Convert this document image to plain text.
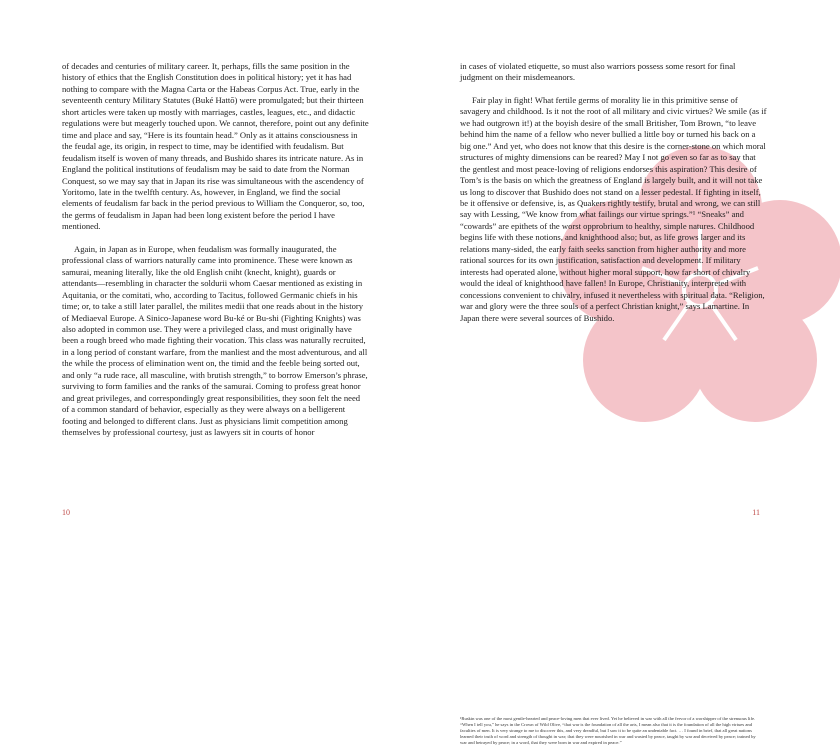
of decades and centuries of military career. It, perhaps, fills the same position in the history of ethics that the English Constitution does in political history; yet it has had nothing to compare with the Magna Carta or the Habeas Corpus Act. True, early in the seventeenth century Military Statutes (Buké Hattō) were promulgated; but their thirteen short articles were taken up mostly with marriages, castles, leagues, etc., and didactic regulations were but meagerly touched upon. We cannot, therefore, point out any definite time and place and say, “Here is its fountain head.” Only as it attains consciousness in the feudal age, its origin, in respect to time, may be identified with feudalism. But feudalism itself is woven of many threads, and Bushido shares its intricate nature. As in England the political institutions of feudalism may be said to date from the Norman Conquest, so we may say that in Japan its rise was simultaneous with the ascendency of Yoritomo, late in the twelfth century. As, however, in England, we find the social elements of feudalism far back in the period previous to William the Conqueror, so, too, the germs of feudalism in Japan had been long existent before the period I have mentioned.

Again, in Japan as in Europe, when feudalism was formally inaugurated, the professional class of warriors naturally came into prominence. These were known as samurai, meaning literally, like the old English cniht (knecht, knight), guards or attendants—resembling in character the soldurii whom Caesar mentioned as existing in Aquitania, or the comitati, who, according to Tacitus, followed Germanic chiefs in his time; or, to take a still later parallel, the milites medii that one reads about in the history of Mediaeval Europe. A Sinico-Japanese word Bu-ké or Bu-shi (Fighting Knights) was also adopted in common use. They were a privileged class, and must originally have been a rough breed who made fighting their vocation. This class was naturally recruited, in a long period of constant warfare, from the manliest and the most adventurous, and all the while the process of elimination went on, the timid and the feeble being sorted out, and only “a rude race, all masculine, with brutish strength,” to borrow Emerson’s phrase, surviving to form families and the ranks of the samurai. Coming to profess great honor and great privileges, and correspondingly great responsibilities, they soon felt the need of a common standard of behavior, especially as they were always on a belligerent footing and belonged to different clans. Just as physicians limit competition among themselves by professional courtesy, just as lawyers sit in courts of honor

10

in cases of violated etiquette, so must also warriors possess some resort for final judgment on their misdemeanors.

Fair play in fight! What fertile germs of morality lie in this primitive sense of savagery and childhood. Is it not the root of all military and civic virtues? We smile (as if we had outgrown it!) at the boyish desire of the small Britisher, Tom Brown, “to leave behind him the name of a fellow who never bullied a little boy or turned his back on a big one.” And yet, who does not know that this desire is the corner-stone on which moral structures of mighty dimensions can be reared? May I not go even so far as to say that the gentlest and most peace-loving of religions endorses this aspiration? This desire of Tom’s is the basis on which the greatness of England is largely built, and it will not take us long to discover that Bushido does not stand on a lesser pedestal. If fighting in itself, be it offensive or defensive, is, as Quakers rightly testify, brutal and wrong, we can still say with Lessing, “We know from what failings our virtue springs.”¹ “Sneaks” and “cowards” are epithets of the worst opprobrium to healthy, simple natures. Childhood begins life with these notions, and knighthood also; but, as life grows larger and its relations many-sided, the early faith seeks sanction from higher authority and more rational sources for its own justification, satisfaction and development. If military interests had operated alone, without higher moral support, how far short of chivalry would the ideal of knighthood have fallen! In Europe, Christianity, interpreted with concessions convenient to chivalry, infused it nevertheless with spiritual data. “Religion, war and glory were the three souls of a perfect Christian knight,” says Lamartine. In Japan there were several sources of Bushido.

¹Ruskin was one of the most gentle-hearted and peace-loving men that ever lived. Yet he believed in war with all the fervor of a worshipper of the strenuous life. “When I tell you,” he says in the Crown of Wild Olive, “that war is the foundation of all the arts, I mean also that it is the foundation of all the high virtues and faculties of men. It is very strange to me to discover this, and very dreadful, but I saw it to be quite an undeniable fact. … I found in brief, that all great nations learned their truth of word and strength of thought in war; that they were nourished in war and wasted by peace, taught by war and deceived by peace; trained by war and betrayed by peace; in a word, that they were born in war and expired in peace.”
11
